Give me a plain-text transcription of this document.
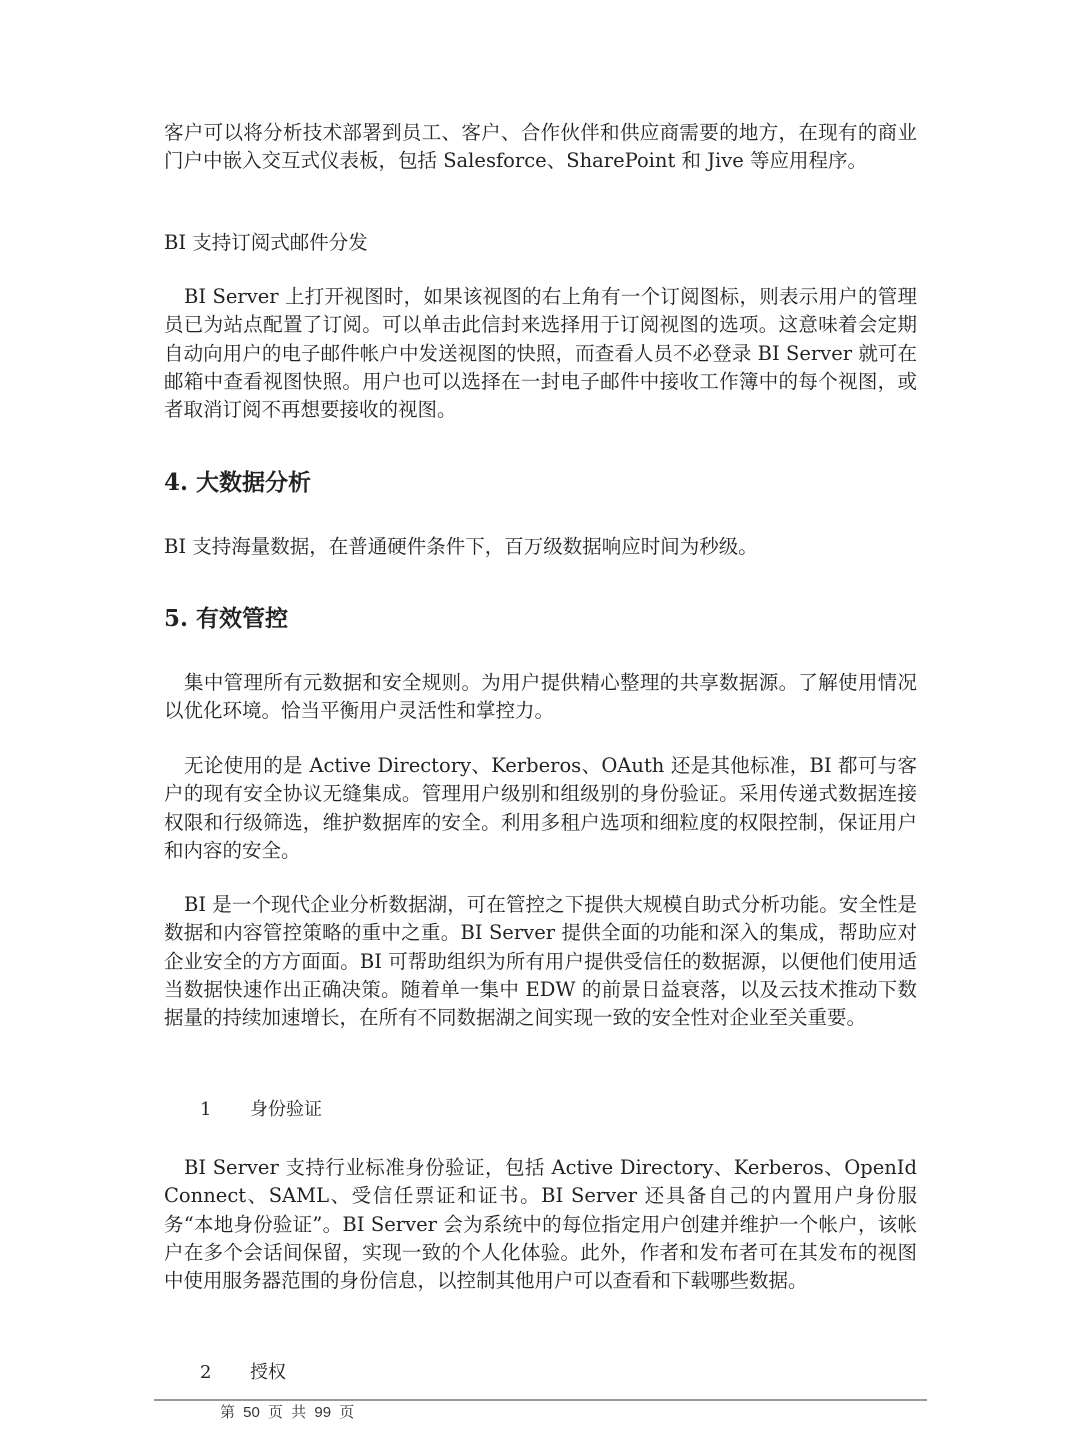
客户可以将分析技术部署到员工、客户、合作伙伴和供应商需要的地方，在现有的商业门户中嵌入交互式仪表板，包括 Salesforce、SharePoint 和 Jive 等应用程序。
BI 支持订阅式邮件分发
BI Server 上打开视图时，如果该视图的右上角有一个订阅图标，则表示用户的管理员已为站点配置了订阅。可以单击此信封来选择用于订阅视图的选项。这意味着会定期自动向用户的电子邮件帐户中发送视图的快照，而查看人员不必登录 BI Server 就可在邮箱中查看视图快照。用户也可以选择在一封电子邮件中接收工作簿中的每个视图，或者取消订阅不再想要接收的视图。
4. 大数据分析
BI 支持海量数据，在普通硬件条件下，百万级数据响应时间为秒级。
5. 有效管控
集中管理所有元数据和安全规则。为用户提供精心整理的共享数据源。了解使用情况以优化环境。恰当平衡用户灵活性和掌控力。
无论使用的是 Active Directory、Kerberos、OAuth 还是其他标准，BI 都可与客户的现有安全协议无缝集成。管理用户级别和组级别的身份验证。采用传递式数据连接权限和行级筛选，维护数据库的安全。利用多租户选项和细粒度的权限控制，保证用户和内容的安全。
BI 是一个现代企业分析数据湖，可在管控之下提供大规模自助式分析功能。安全性是数据和内容管控策略的重中之重。BI Server 提供全面的功能和深入的集成，帮助应对企业安全的方方面面。BI 可帮助组织为所有用户提供受信任的数据源，以便他们使用适当数据快速作出正确决策。随着单一集中 EDW 的前景日益衰落，以及云技术推动下数据量的持续加速增长，在所有不同数据湖之间实现一致的安全性对企业至关重要。
1 身份验证
BI Server 支持行业标准身份验证，包括 Active Directory、Kerberos、OpenId Connect、SAML、受信任票证和证书。BI Server 还具备自己的内置用户身份服务“本地身份验证”。BI Server 会为系统中的每位指定用户创建并维护一个帐户，该帐户在多个会话间保留，实现一致的个人化体验。此外，作者和发布者可在其发布的视图中使用服务器范围的身份信息，以控制其他用户可以查看和下载哪些数据。
2 授权
第 50 页 共 99 页
